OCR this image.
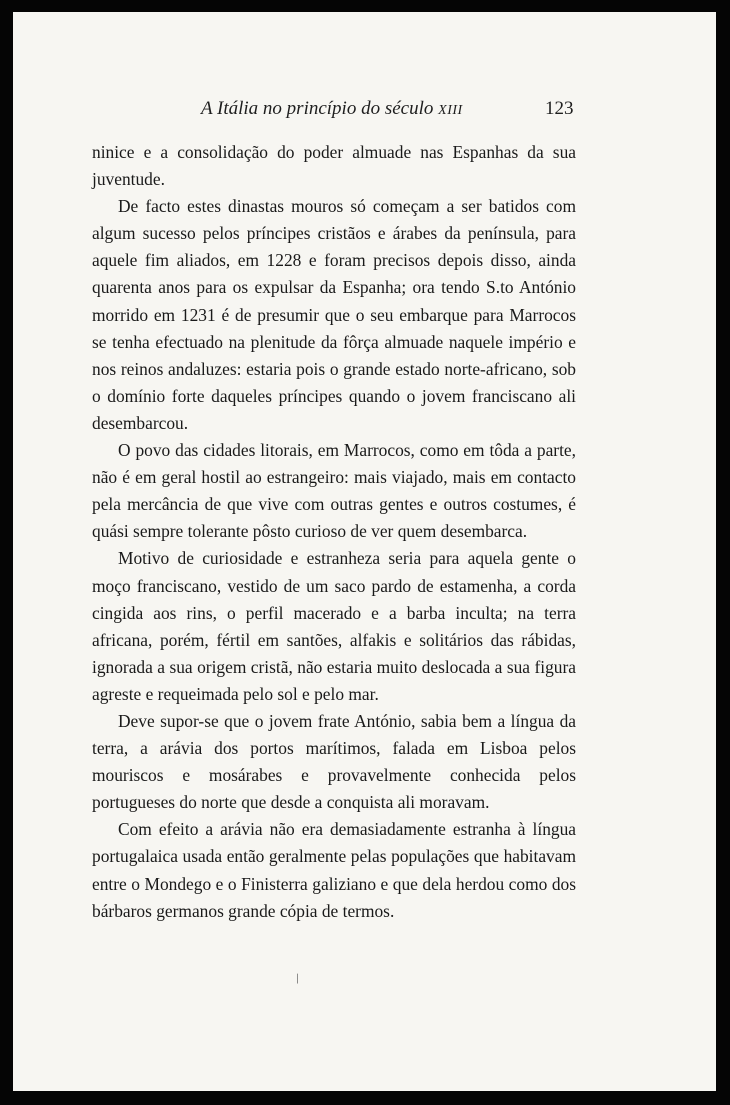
A Itália no princípio do século XIII	123

ninice e a consolidação do poder almuade nas Espanhas da sua juventude.

De facto estes dinastas mouros só começam a ser batidos com algum sucesso pelos príncipes cristãos e árabes da península, para aquele fim aliados, em 1228 e foram precisos depois disso, ainda quarenta anos para os expulsar da Espanha; ora tendo S.to António morrido em 1231 é de presumir que o seu embarque para Marrocos se tenha efectuado na plenitude da fôrça almuade naquele império e nos reinos andaluzes: estaria pois o grande estado norte-africano, sob o domínio forte daqueles príncipes quando o jovem franciscano ali desembarcou.

O povo das cidades litorais, em Marrocos, como em tôda a parte, não é em geral hostil ao estrangeiro: mais viajado, mais em contacto pela mercância de que vive com outras gentes e outros costumes, é quási sempre tolerante pôsto curioso de ver quem desembarca.

Motivo de curiosidade e estranheza seria para aquela gente o moço franciscano, vestido de um saco pardo de estamenha, a corda cingida aos rins, o perfil macerado e a barba inculta; na terra africana, porém, fértil em santões, alfakis e solitários das rábidas, ignorada a sua origem cristã, não estaria muito deslocada a sua figura agreste e requeimada pelo sol e pelo mar.

Deve supor-se que o jovem frate António, sabia bem a língua da terra, a arávia dos portos marítimos, falada em Lisboa pelos mouriscos e mosárabes e provavelmente conhecida pelos portugueses do norte que desde a conquista ali moravam.

Com efeito a arávia não era demasiadamente estranha à língua portugalaica usada então geralmente pelas populações que habitavam entre o Mondego e o Finisterra galiziano e que dela herdou como dos bárbaros germanos grande cópia de termos.

/
